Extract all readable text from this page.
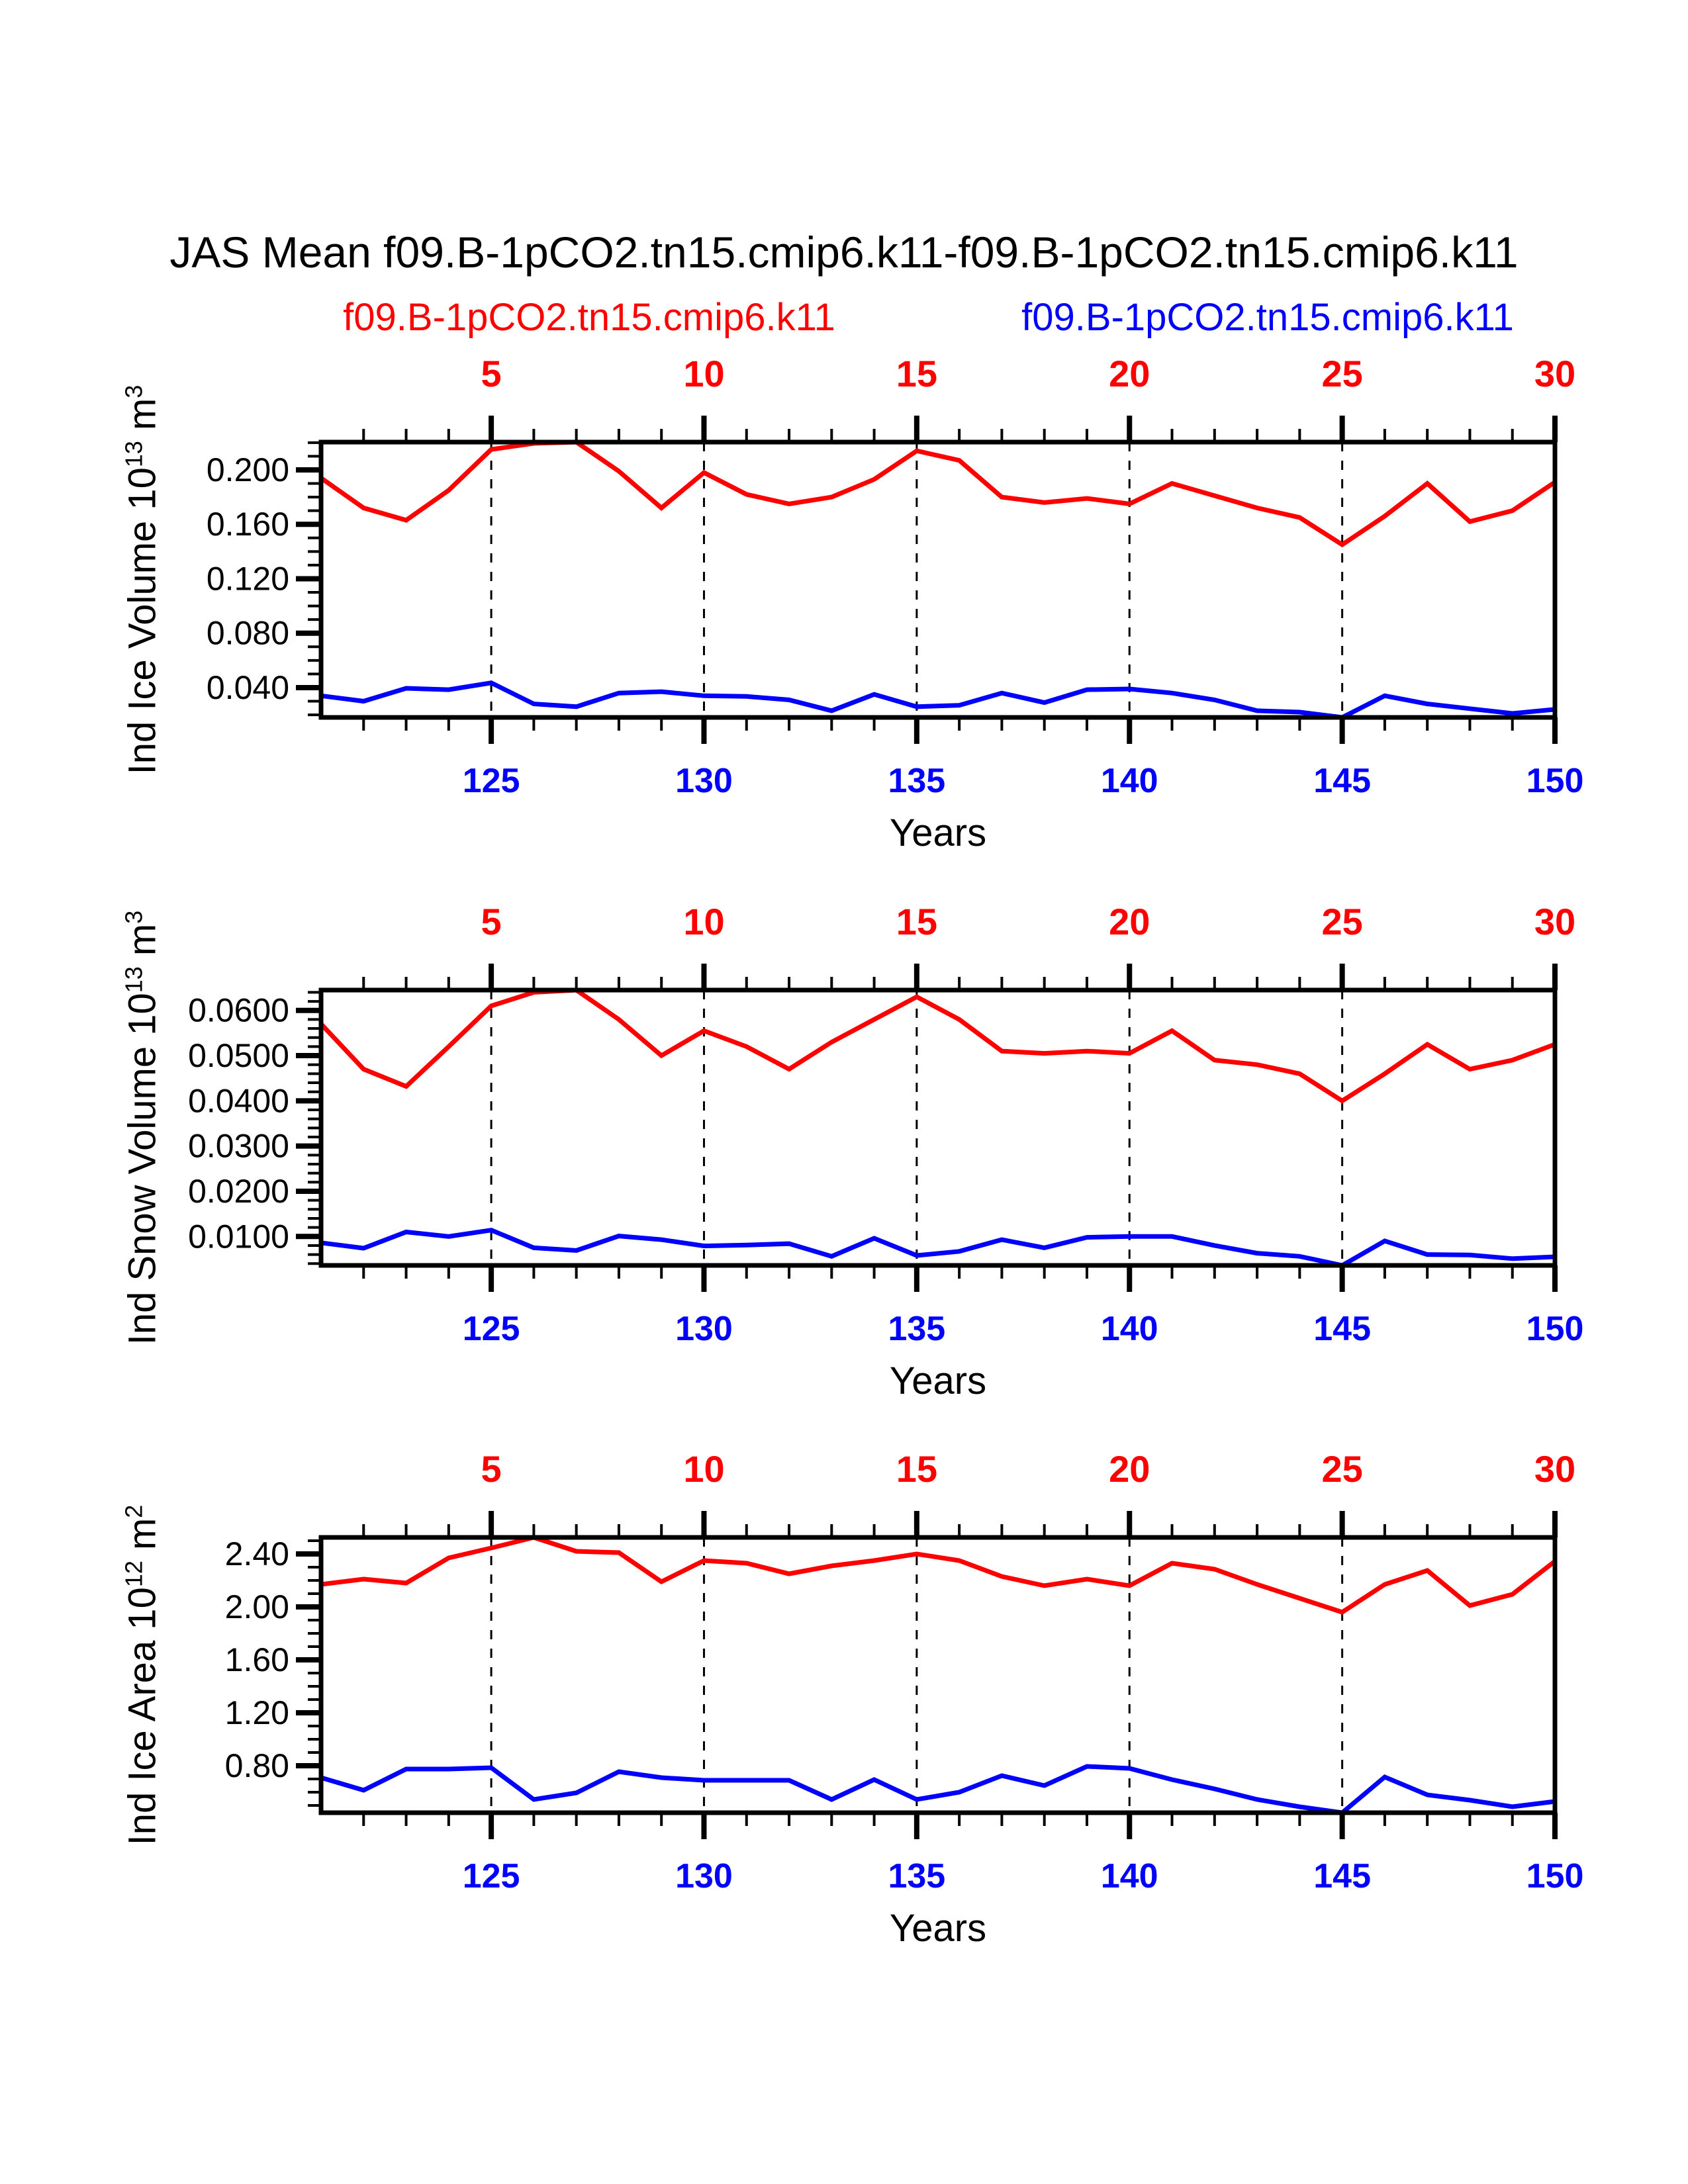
JAS Mean f09.B-1pCO2.tn15.cmip6.k11-f09.B-1pCO2.tn15.cmip6.k11
f09.B-1pCO2.tn15.cmip6.k11	f09.B-1pCO2.tn15.cmip6.k11
Ind Ice Volume $10^{13}$ $m^3$
Ind Snow Volume $10^{13}$ $m^3$
Ind Ice Area $10^{12}$ $m^2$
Years
Years
Years
5
125
10
130
15
135
20
140
25
145
30
150
0.200
0.160
0.120
0.080
0.040
5
125
10
130
15
135
20
140
25
145
30
150
0.0600
0.0500
0.0400
0.0300
0.0200
0.0100
5
125
10
130
15
135
20
140
25
145
30
150
2.40
2.00
1.60
1.20
0.80
